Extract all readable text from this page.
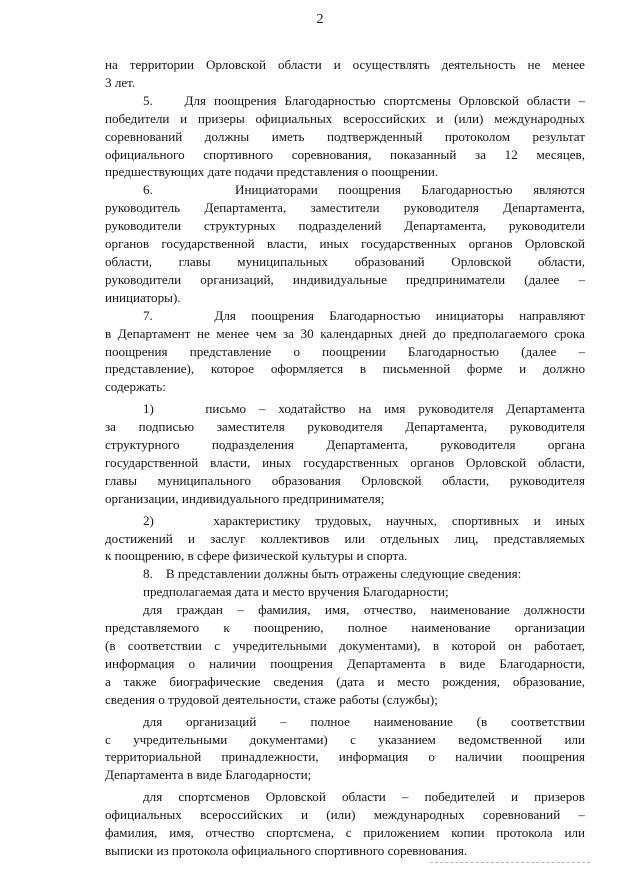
2

на территории Орловской области и осуществлять деятельность не менее
3 лет.

5.    Для поощрения Благодарностью спортсмены Орловской области –
победители и призеры официальных всероссийских и (или) международных
соревнований должны иметь подтвержденный протоколом результат
официального спортивного соревнования, показанный за 12 месяцев,
предшествующих дате подачи представления о поощрении.

6.    Инициаторами поощрения Благодарностью являются
руководитель Департамента, заместители руководителя Департамента,
руководители структурных подразделений Департамента, руководители
органов государственной власти, иных государственных органов Орловской
области, главы муниципальных образований Орловской области,
руководители организаций, индивидуальные предприниматели (далее –
инициаторы).

7.    Для поощрения Благодарностью инициаторы направляют
в Департамент не менее чем за 30 календарных дней до предполагаемого срока
поощрения представление о поощрении Благодарностью (далее –
представление), которое оформляется в письменной форме и должно
содержать:

1)    письмо – ходатайство на имя руководителя Департамента
за подписью заместителя руководителя Департамента, руководителя
структурного подразделения Департамента, руководителя органа
государственной власти, иных государственных органов Орловской области,
главы муниципального образования Орловской области, руководителя
организации, индивидуального предпринимателя;

2)    характеристику трудовых, научных, спортивных и иных
достижений и заслуг коллективов или отдельных лиц, представляемых
к поощрению, в сфере физической культуры и спорта.

8.    В представлении должны быть отражены следующие сведения:

предполагаемая дата и место вручения Благодарности;

для граждан – фамилия, имя, отчество, наименование должности
представляемого к поощрению, полное наименование организации
(в соответствии с учредительными документами), в которой он работает,
информация о наличии поощрения Департамента в виде Благодарности,
а также биографические сведения (дата и место рождения, образование,
сведения о трудовой деятельности, стаже работы (службы);

для организаций – полное наименование (в соответствии
с учредительными документами) с указанием ведомственной или
территориальной принадлежности, информация о наличии поощрения
Департамента в виде Благодарности;

для спортсменов Орловской области – победителей и призеров
официальных всероссийских и (или) международных соревнований –
фамилия, имя, отчество спортсмена, с приложением копии протокола или
выписки из протокола официального спортивного соревнования.
